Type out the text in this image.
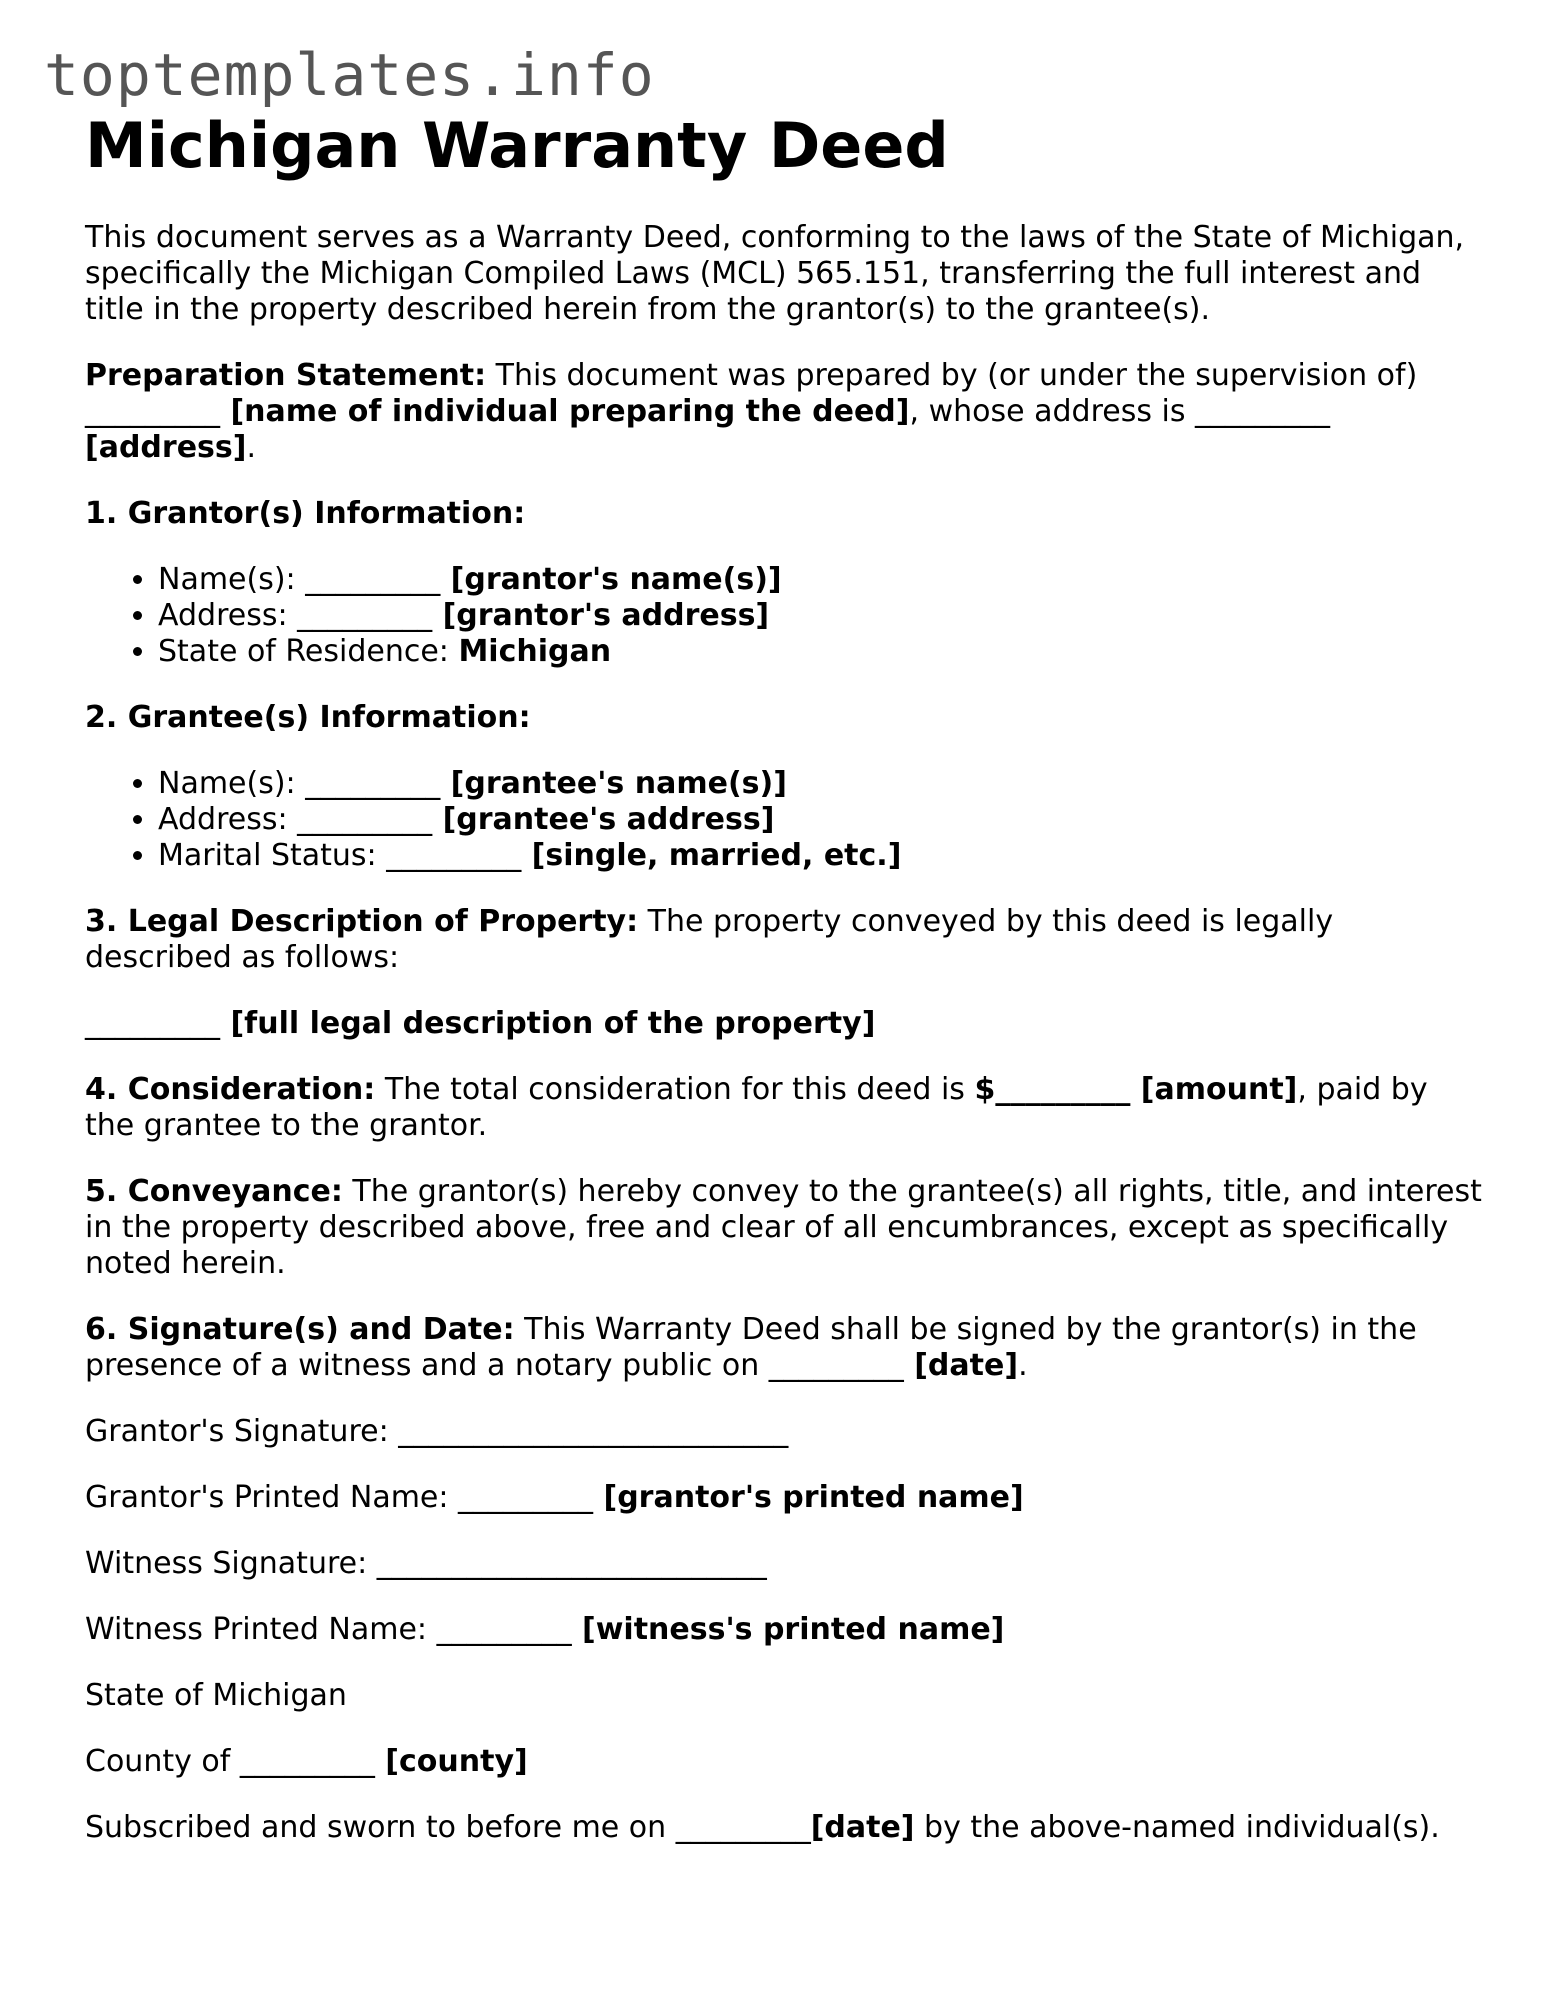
toptemplates.info
Michigan Warranty Deed

This document serves as a Warranty Deed, conforming to the laws of the State of Michigan, specifically the Michigan Compiled Laws (MCL) 565.151, transferring the full interest and title in the property described herein from the grantor(s) to the grantee(s).

Preparation Statement: This document was prepared by (or under the supervision of) _________ [name of individual preparing the deed], whose address is _________ [address].

1. Grantor(s) Information:

• Name(s): _________ [grantor's name(s)]
• Address: _________ [grantor's address]
• State of Residence: Michigan

2. Grantee(s) Information:

• Name(s): _________ [grantee's name(s)]
• Address: _________ [grantee's address]
• Marital Status: _________ [single, married, etc.]

3. Legal Description of Property: The property conveyed by this deed is legally described as follows:

_________ [full legal description of the property]

4. Consideration: The total consideration for this deed is $_________ [amount], paid by the grantee to the grantor.

5. Conveyance: The grantor(s) hereby convey to the grantee(s) all rights, title, and interest in the property described above, free and clear of all encumbrances, except as specifically noted herein.

6. Signature(s) and Date: This Warranty Deed shall be signed by the grantor(s) in the presence of a witness and a notary public on _________ [date].

Grantor's Signature: __________________________

Grantor's Printed Name: _________ [grantor's printed name]

Witness Signature: __________________________

Witness Printed Name: _________ [witness's printed name]

State of Michigan

County of _________ [county]

Subscribed and sworn to before me on _________[date] by the above-named individual(s).
